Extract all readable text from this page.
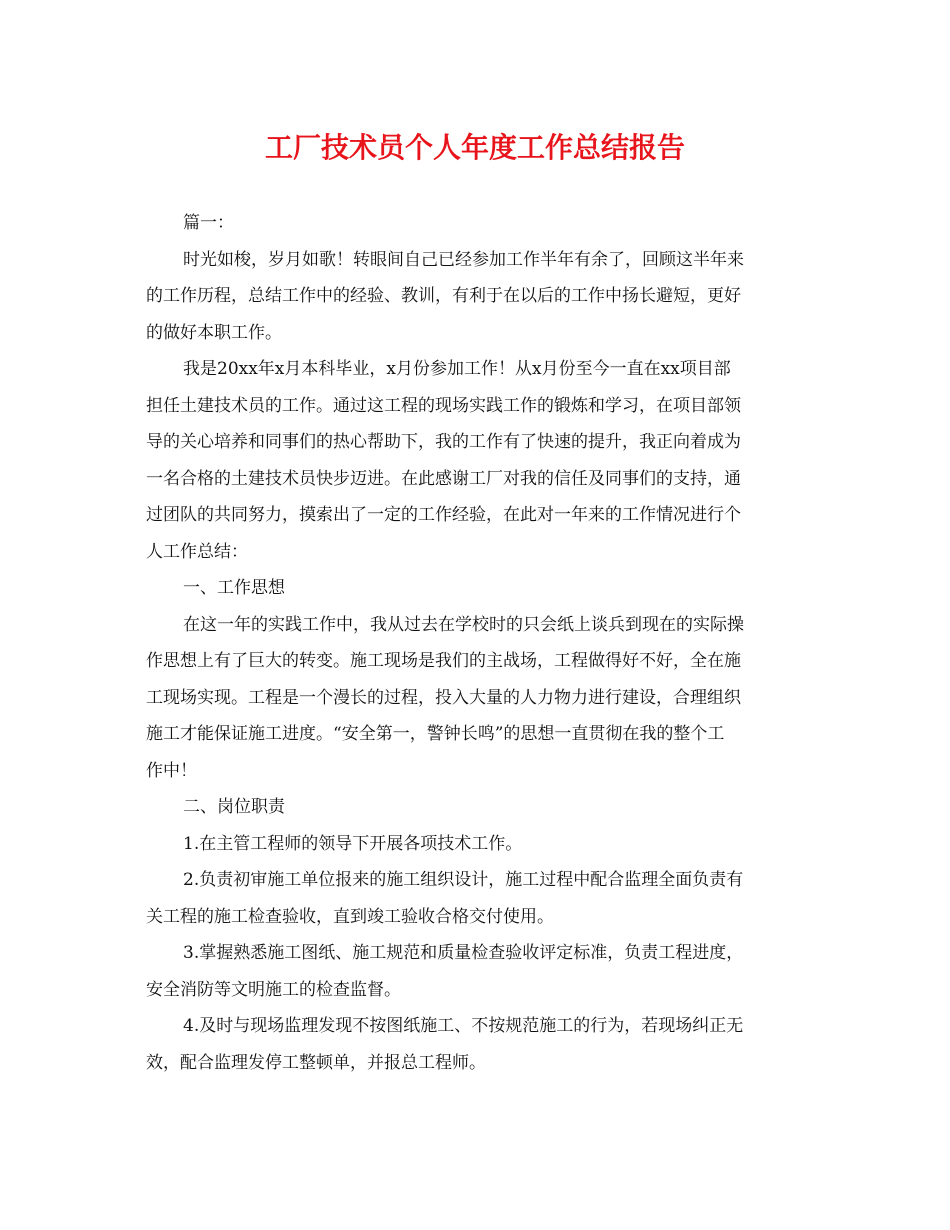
工厂技术员个人年度工作总结报告

篇一：

时光如梭，岁月如歌！转眼间自己已经参加工作半年有余了，回顾这半年来
的工作历程，总结工作中的经验、教训，有利于在以后的工作中扬长避短，更好
的做好本职工作。

我是20xx年x月本科毕业，x月份参加工作！从x月份至今一直在xx项目部
担任土建技术员的工作。通过这工程的现场实践工作的锻炼和学习，在项目部领
导的关心培养和同事们的热心帮助下，我的工作有了快速的提升，我正向着成为
一名合格的土建技术员快步迈进。在此感谢工厂对我的信任及同事们的支持，通
过团队的共同努力，摸索出了一定的工作经验，在此对一年来的工作情况进行个
人工作总结：

一、工作思想

在这一年的实践工作中，我从过去在学校时的只会纸上谈兵到现在的实际操
作思想上有了巨大的转变。施工现场是我们的主战场，工程做得好不好，全在施
工现场实现。工程是一个漫长的过程，投入大量的人力物力进行建设，合理组织
施工才能保证施工进度。“安全第一，警钟长鸣”的思想一直贯彻在我的整个工
作中！

二、岗位职责

1.在主管工程师的领导下开展各项技术工作。

2.负责初审施工单位报来的施工组织设计，施工过程中配合监理全面负责有
关工程的施工检查验收，直到竣工验收合格交付使用。

3.掌握熟悉施工图纸、施工规范和质量检查验收评定标准，负责工程进度，
安全消防等文明施工的检查监督。

4.及时与现场监理发现不按图纸施工、不按规范施工的行为，若现场纠正无
效，配合监理发停工整顿单，并报总工程师。
